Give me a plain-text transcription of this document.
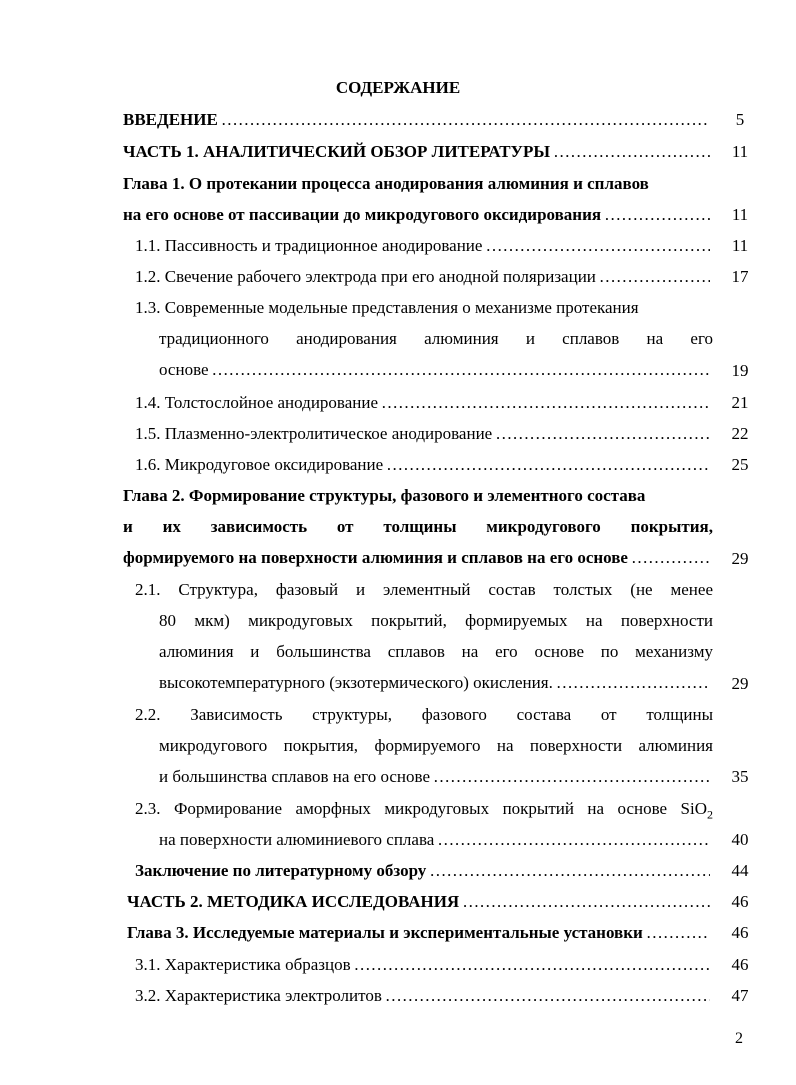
СОДЕРЖАНИЕ
ВВЕДЕНИЕ …………………………………………………………………………………………………………………………………………………………………………………………	5
ЧАСТЬ 1. АНАЛИТИЧЕСКИЙ ОБЗОР ЛИТЕРАТУРЫ …………………………………………………………………………………………………………………………………………………………………………………………	11
Глава 1. О протекании процесса анодирования алюминия и сплавов
на его основе от пассивации до микродугового оксидирования …………………………………………………………………………………………………………………………………………………………………………………………	11
1.1. Пассивность и традиционное анодирование …………………………………………………………………………………………………………………………………………………………………………………………	11
1.2. Свечение рабочего электрода при его анодной поляризации …………………………………………………………………………………………………………………………………………………………………………………………	17
1.3. Современные модельные представления о механизме протекания
традиционного анодирования алюминия и сплавов на его
основе …………………………………………………………………………………………………………………………………………………………………………………………	19
1.4. Толстослойное анодирование …………………………………………………………………………………………………………………………………………………………………………………………	21
1.5. Плазменно-электролитическое анодирование …………………………………………………………………………………………………………………………………………………………………………………………	22
1.6. Микродуговое оксидирование …………………………………………………………………………………………………………………………………………………………………………………………	25
Глава 2. Формирование структуры, фазового и элементного состава
и их зависимость от толщины микродугового покрытия,
формируемого на поверхности алюминия и сплавов на его основе …………………………………………………………………………………………………………………………………………………………………………………………	29
2.1. Структура, фазовый и элементный состав толстых (не менее
80 мкм) микродуговых покрытий, формируемых на поверхности
алюминия и большинства сплавов на его основе по механизму
высокотемпературного (экзотермического) окисления. …………………………………………………………………………………………………………………………………………………………………………………………	29
2.2. Зависимость структуры, фазового состава от толщины
микродугового покрытия, формируемого на поверхности алюминия
и большинства сплавов на его основе …………………………………………………………………………………………………………………………………………………………………………………………	35
2.3. Формирование аморфных микродуговых покрытий на основе SiO$_2$
на поверхности алюминиевого сплава …………………………………………………………………………………………………………………………………………………………………………………………	40
Заключение по литературному обзору …………………………………………………………………………………………………………………………………………………………………………………………	44
ЧАСТЬ 2. МЕТОДИКА ИССЛЕДОВАНИЯ …………………………………………………………………………………………………………………………………………………………………………………………	46
Глава 3. Исследуемые материалы и экспериментальные установки …………………………………………………………………………………………………………………………………………………………………………………………	46
3.1. Характеристика образцов …………………………………………………………………………………………………………………………………………………………………………………………	46
3.2. Характеристика электролитов …………………………………………………………………………………………………………………………………………………………………………………………	47
2
